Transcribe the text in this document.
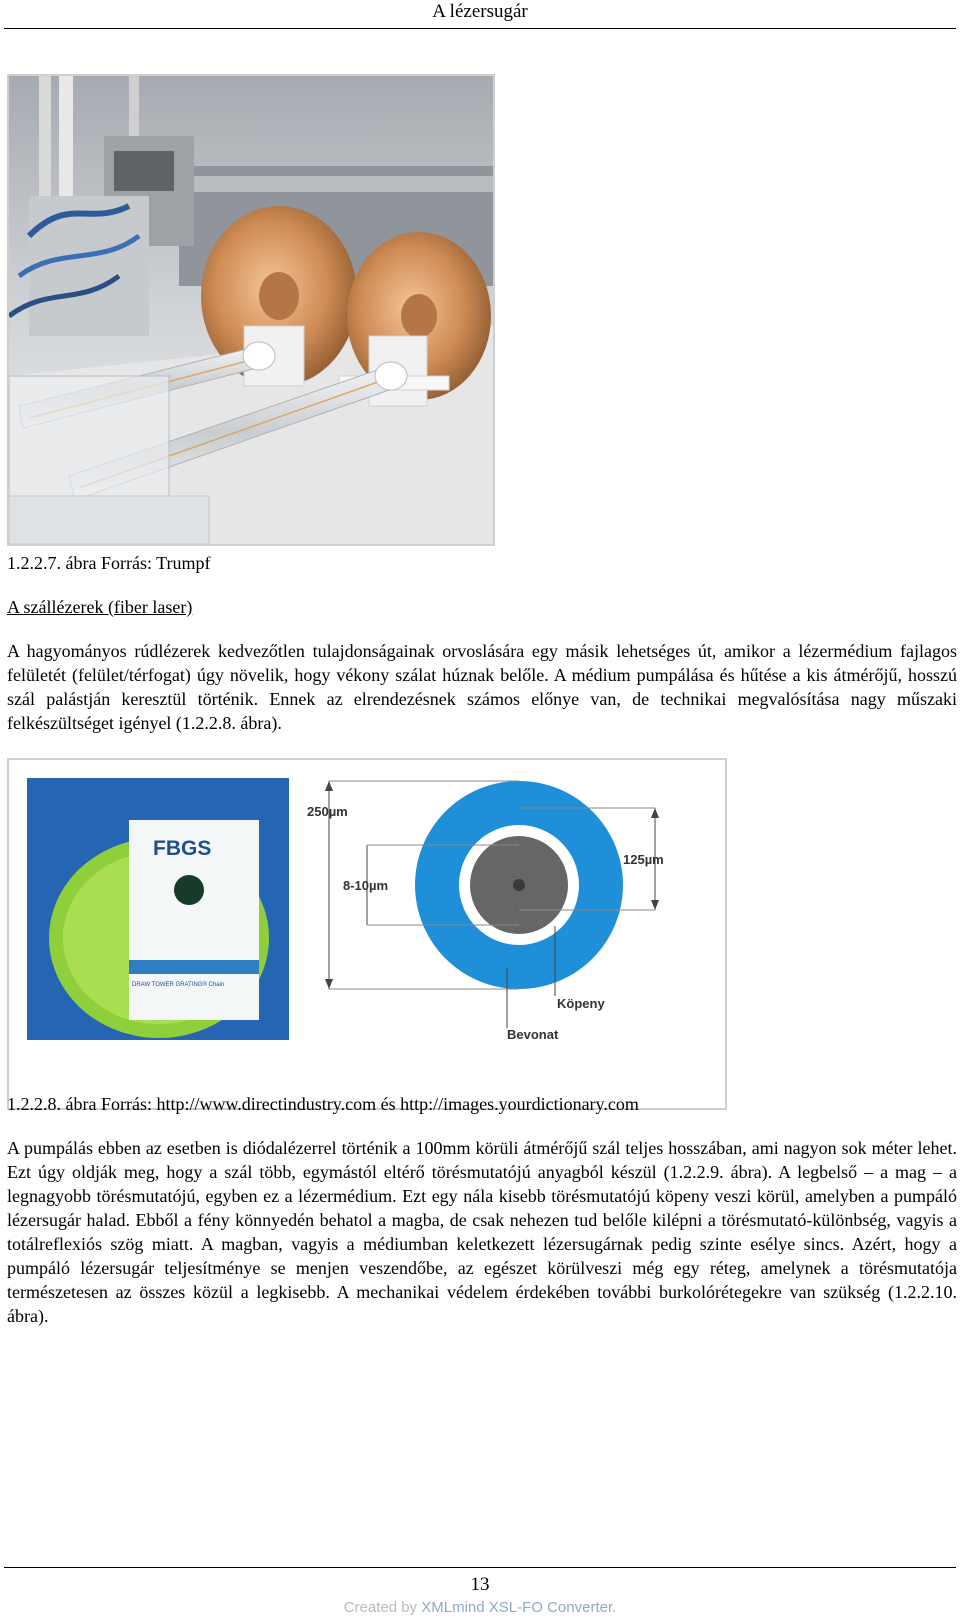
A lézersugár
1.2.2.7. ábra Forrás: Trumpf
A szállézerek (fiber laser)
A hagyományos rúdlézerek kedvezőtlen tulajdonságainak orvoslására egy másik lehetséges út, amikor a lézermédium fajlagos felületét (felület/térfogat) úgy növelik, hogy vékony szálat húznak belőle. A médium pumpálása és hűtése a kis átmérőjű, hosszú szál palástján keresztül történik. Ennek az elrendezésnek számos előnye van, de technikai megvalósítása nagy műszaki felkészültséget igényel (1.2.2.8. ábra).
FBGS
DRAW TOWER GRATING® Chain
250µm
8-10µm
125µm
Köpeny
Bevonat
1.2.2.8. ábra Forrás: http://www.directindustry.com és http://images.yourdictionary.com
A pumpálás ebben az esetben is diódalézerrel történik a 100mm körüli átmérőjű szál teljes hosszában, ami nagyon sok méter lehet. Ezt úgy oldják meg, hogy a szál több, egymástól eltérő törésmutatójú anyagból készül (1.2.2.9. ábra). A legbelső – a mag – a legnagyobb törésmutatójú, egyben ez a lézermédium. Ezt egy nála kisebb törésmutatójú köpeny veszi körül, amelyben a pumpáló lézersugár halad. Ebből a fény könnyedén behatol a magba, de csak nehezen tud belőle kilépni a törésmutató-különbség, vagyis a totálreflexiós szög miatt. A magban, vagyis a médiumban keletkezett lézersugárnak pedig szinte esélye sincs. Azért, hogy a pumpáló lézersugár teljesítménye se menjen veszendőbe, az egészet körülveszi még egy réteg, amelynek a törésmutatója természetesen az összes közül a legkisebb. A mechanikai védelem érdekében további burkolórétegekre van szükség (1.2.2.10. ábra).
13
Created by XMLmind XSL-FO Converter.
